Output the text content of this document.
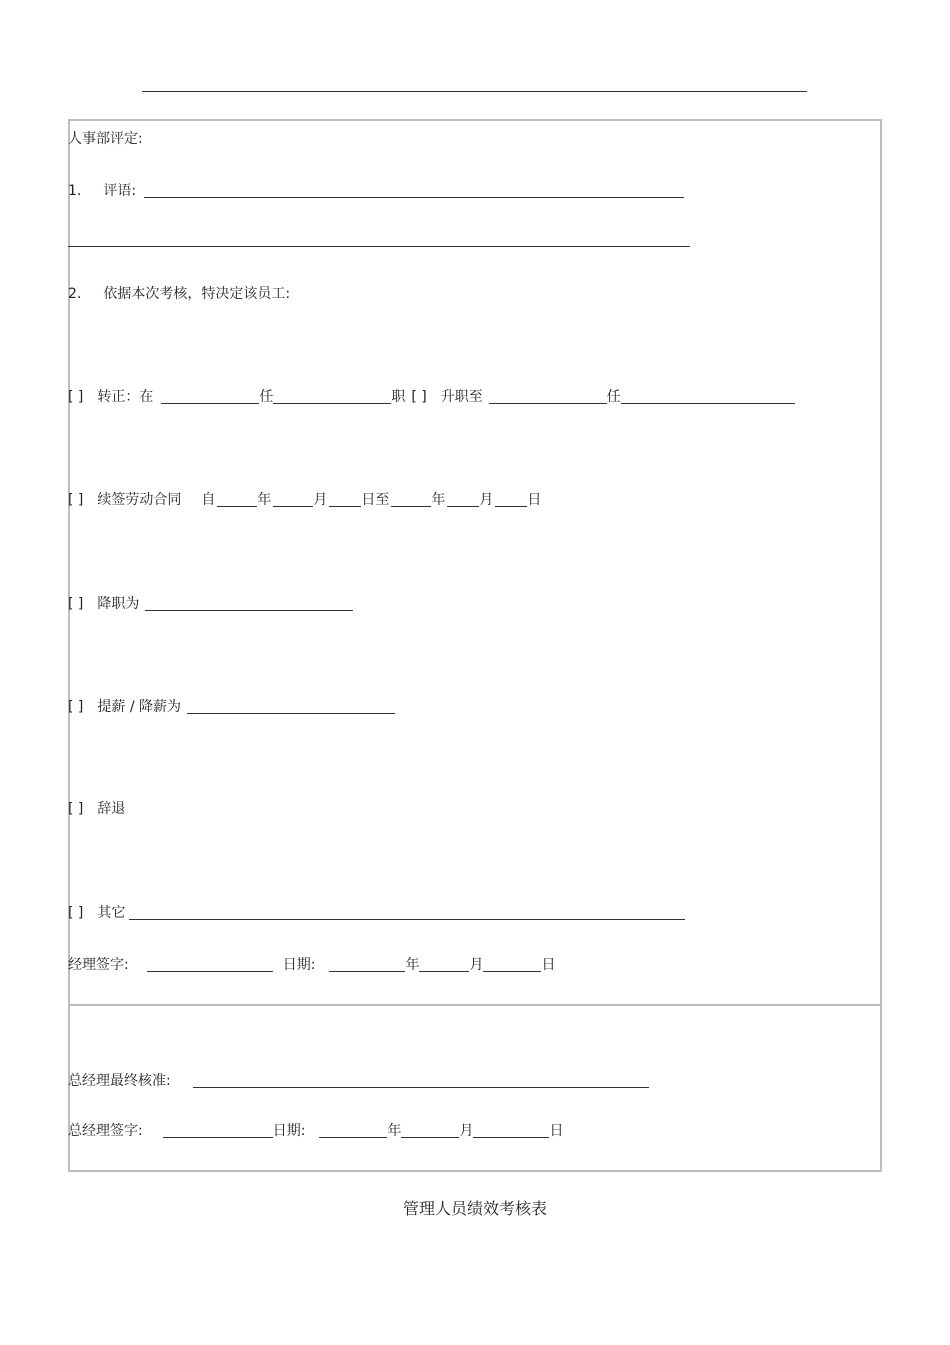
人事部评定:
1. 评语:
2. 依据本次考核，特决定该员工:
[ ] 转正：在	任	职 [ ] 升职至	任
[ ] 续签劳动合同 自	年	月 日至	年 月 日
[ ] 降职为
[ ] 提薪 / 降薪为
[ ] 辞退
[ ] 其它
经理签字:	日期:	年	月	日
总经理最终核准:
总经理签字:	日期:	年	月	日
管理人员绩效考核表
